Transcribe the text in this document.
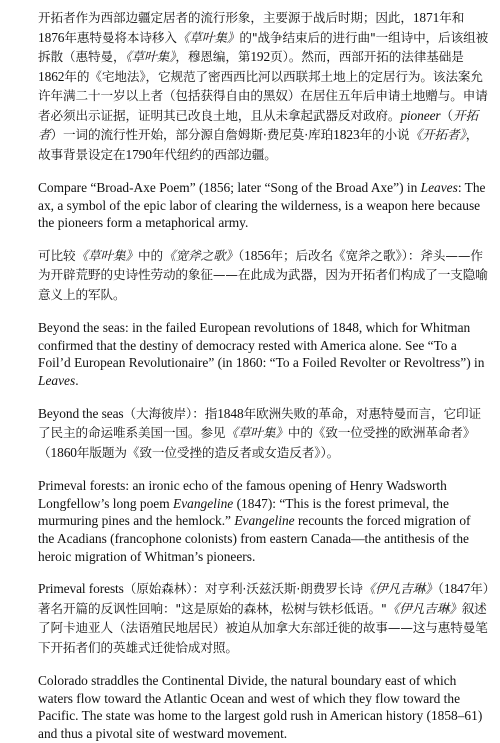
开拓者作为西部边疆定居者的流行形象，主要源于战后时期；因此，1871年和1876年惠特曼将本诗移入《草叶集》的"战争结束后的进行曲"一组诗中，后该组被拆散（惠特曼，《草叶集》，穆恩编，第192页）。然而，西部开拓的法律基础是1862年的《宅地法》，它规范了密西西比河以西联邦土地上的定居行为。该法案允许年满二十一岁以上者（包括获得自由的黑奴）在居住五年后申请土地赠与。申请者必须出示证据，证明其已改良土地，且从未拿起武器反对政府。pioneer（开拓者）一词的流行性开始，部分源自詹姆斯·费尼莫·库珀1823年的小说《开拓者》，故事背景设定在1790年代纽约的西部边疆。

Compare “Broad-Axe Poem” (1856; later “Song of the Broad Axe”) in Leaves: The ax, a symbol of the epic labor of clearing the wilderness, is a weapon here because the pioneers form a metaphorical army.

可比较《草叶集》中的《宽斧之歌》（1856年；后改名《宽斧之歌》）：斧头——作为开辟荒野的史诗性劳动的象征——在此成为武器，因为开拓者们构成了一支隐喻意义上的军队。

Beyond the seas: in the failed European revolutions of 1848, which for Whitman confirmed that the destiny of democracy rested with America alone. See “To a Foil’d European Revolutionaire” (in 1860: “To a Foiled Revolter or Revoltress”) in Leaves.

Beyond the seas（大海彼岸）：指1848年欧洲失败的革命，对惠特曼而言，它印证了民主的命运唯系美国一国。参见《草叶集》中的《致一位受挫的欧洲革命者》（1860年版题为《致一位受挫的造反者或女造反者》）。

Primeval forests: an ironic echo of the famous opening of Henry Wadsworth Longfellow’s long poem Evangeline (1847): “This is the forest primeval, the murmuring pines and the hemlock.” Evangeline recounts the forced migration of the Acadians (francophone colonists) from eastern Canada—the antithesis of the heroic migration of Whitman’s pioneers.

Primeval forests（原始森林）：对亨利·沃兹沃斯·朗费罗长诗《伊凡吉琳》（1847年）著名开篇的反讽性回响："这是原始的森林，松树与铁杉低语。"《伊凡吉琳》叙述了阿卡迪亚人（法语殖民地居民）被迫从加拿大东部迁徙的故事——这与惠特曼笔下开拓者们的英雄式迁徙恰成对照。

Colorado straddles the Continental Divide, the natural boundary east of which waters flow toward the Atlantic Ocean and west of which they flow toward the Pacific. The state was home to the largest gold rush in American history (1858–61) and thus a pivotal site of westward movement.
